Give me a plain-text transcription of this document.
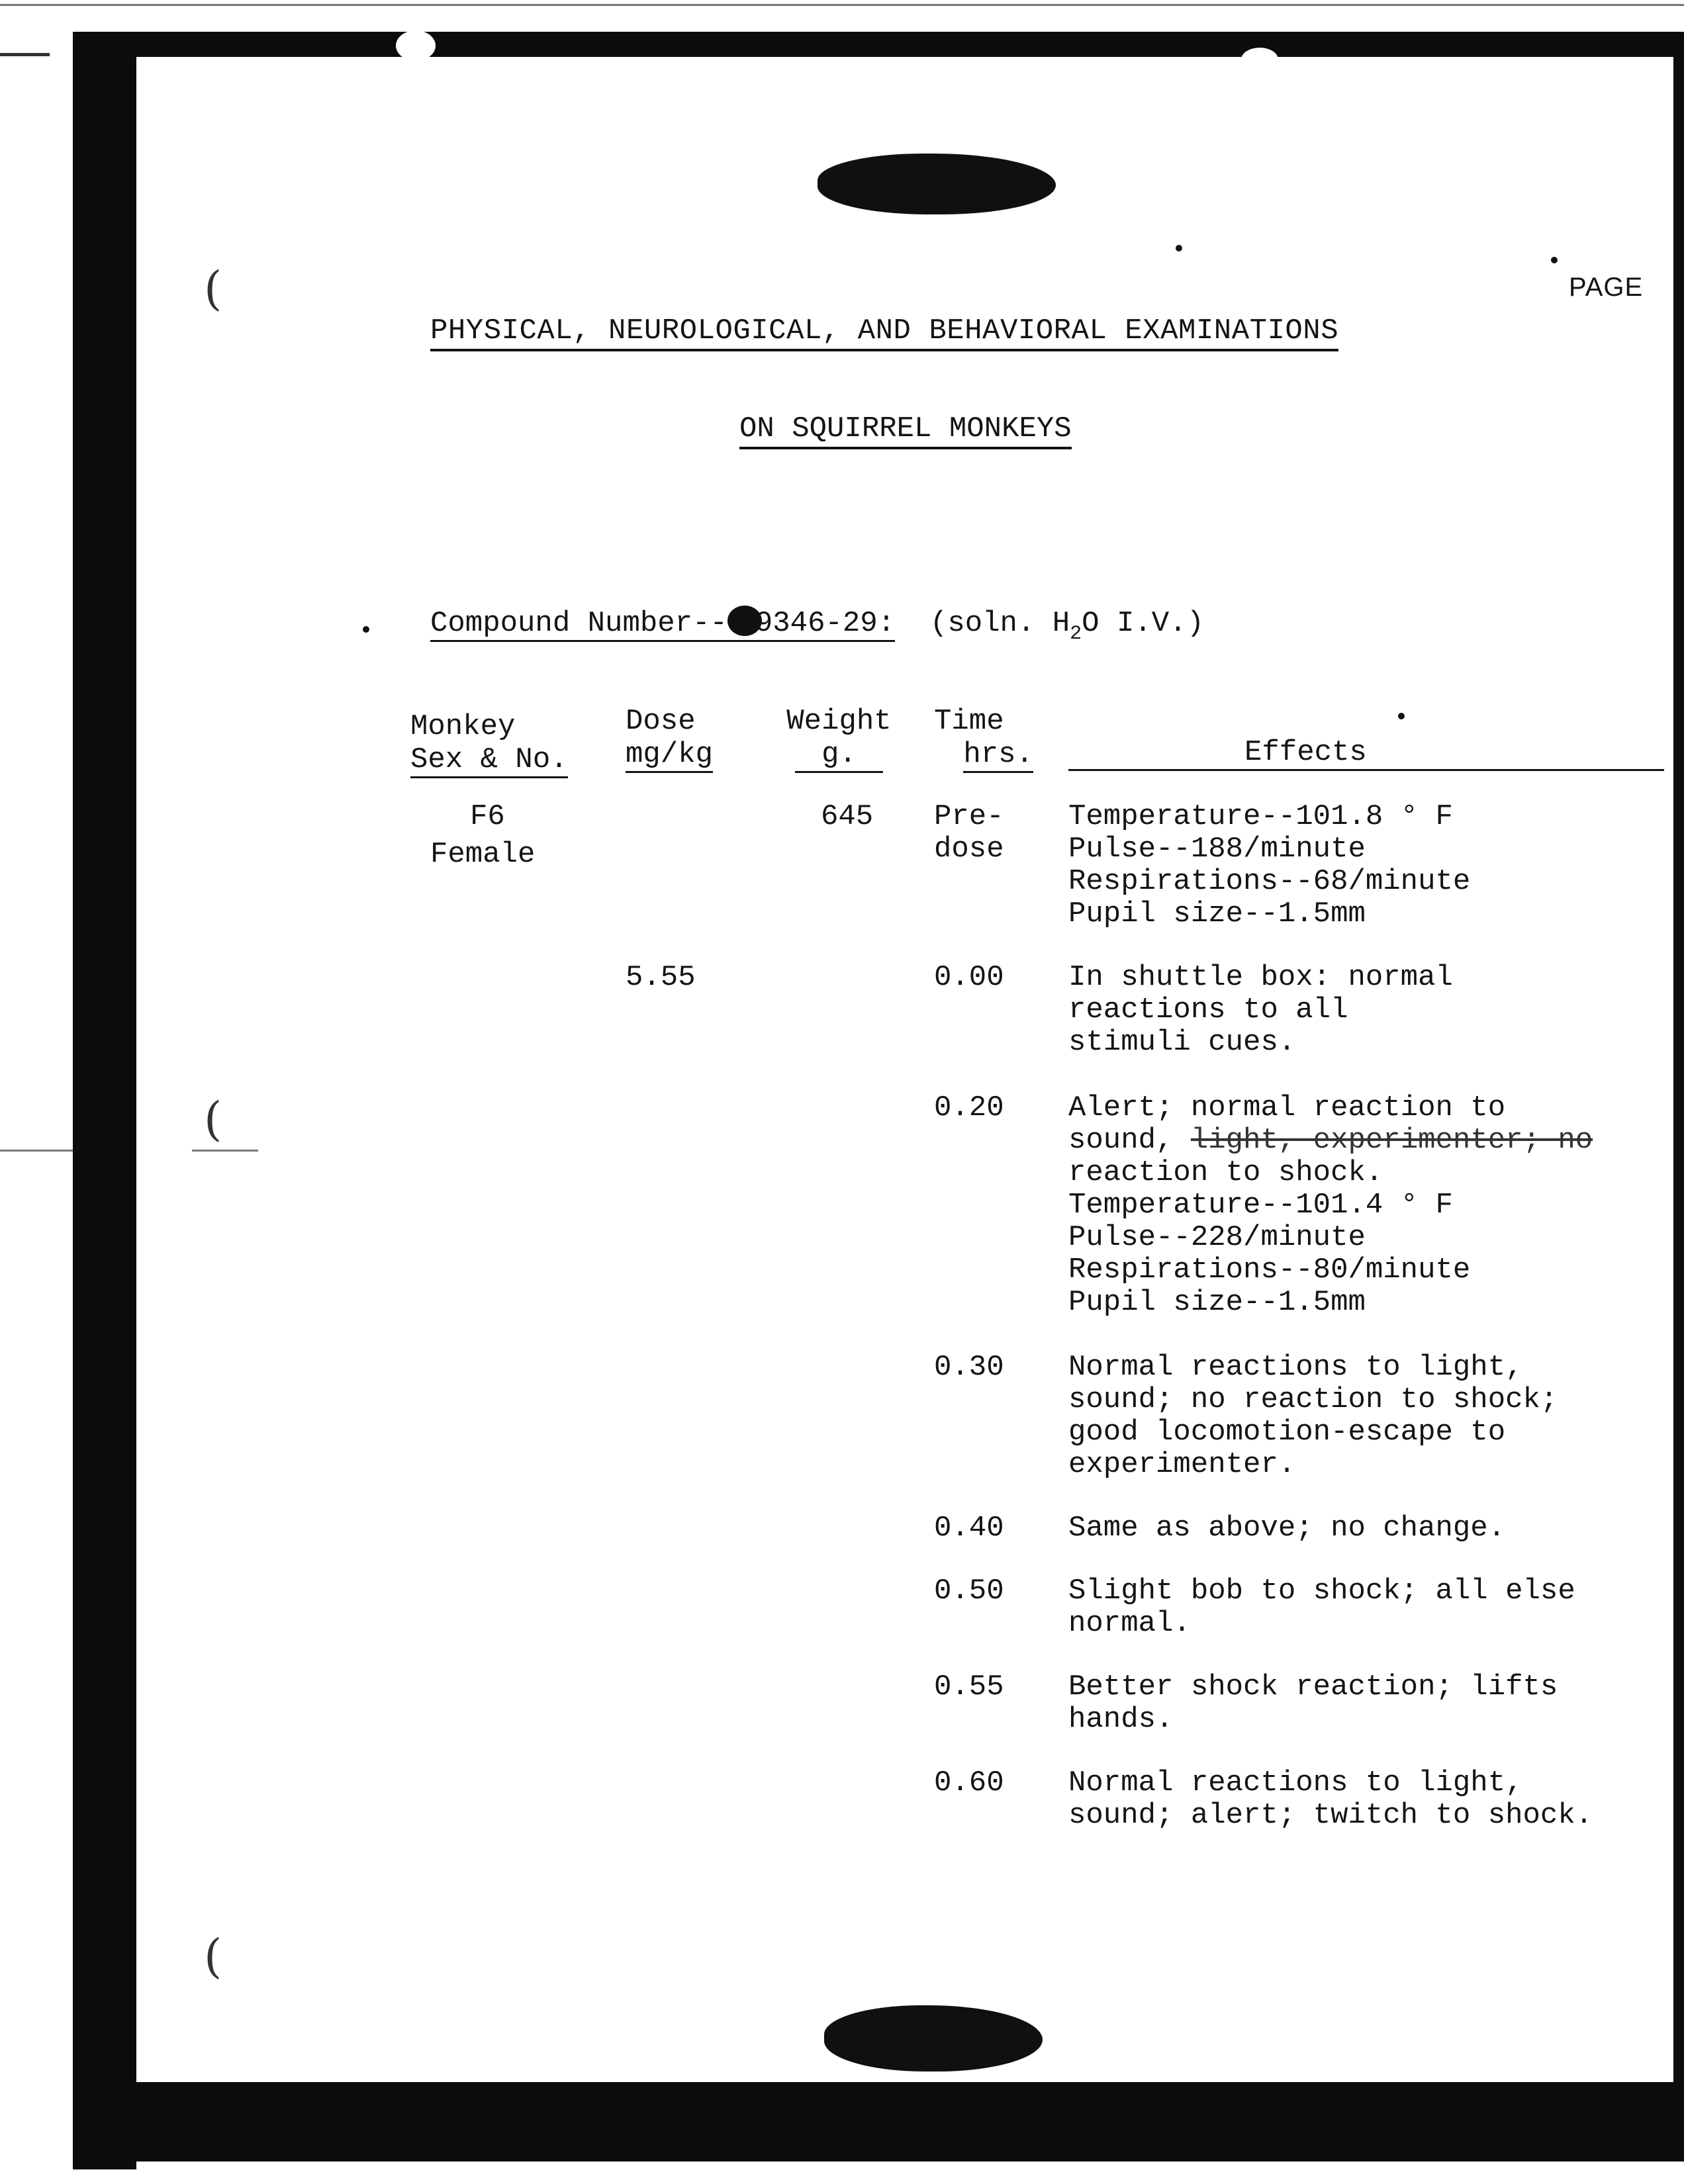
(
(
(
PAGE
PHYSICAL, NEUROLOGICAL, AND BEHAVIORAL EXAMINATIONS
ON SQUIRREL MONKEYS
Compound Number-- 9346-29: (soln. $H_2O$ I.V.)
Monkey
Sex & No.
Dose
mg/kg
Weight
g.
Time
hrs.	Effects
F6
Female
645
5.55
Pre-
dose
Temperature--101.8 ° F
Pulse--188/minute
Respirations--68/minute
Pupil size--1.5mm
0.00 In shuttle box: normal
reactions to all
stimuli cues.
0.20 Alert; normal reaction to
sound, light, experimenter; no
reaction to shock.
Temperature--101.4 ° F
Pulse--228/minute
Respirations--80/minute
Pupil size--1.5mm
0.30 Normal reactions to light,
sound; no reaction to shock;
good locomotion-escape to
experimenter.
0.40 Same as above; no change.
0.50 Slight bob to shock; all else
normal.
0.55 Better shock reaction; lifts
hands.
0.60 Normal reactions to light,
sound; alert; twitch to shock.
